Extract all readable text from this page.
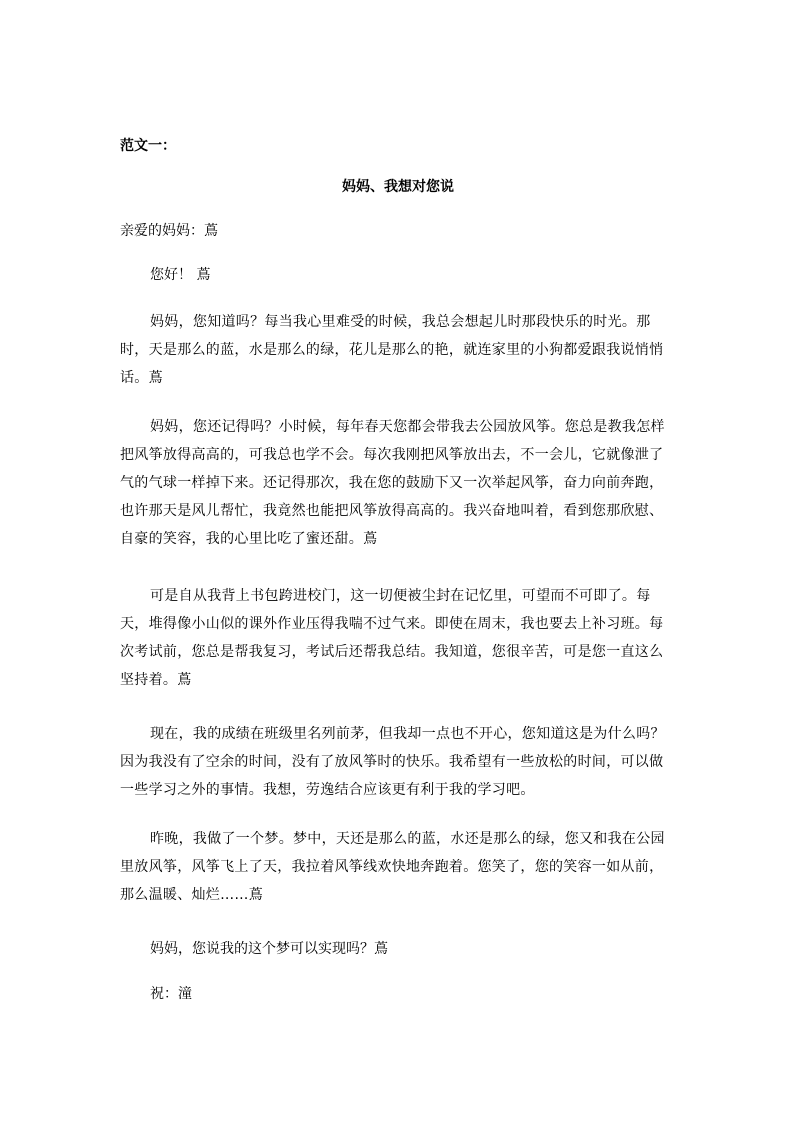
范文一：
妈妈、我想对您说
亲爱的妈妈：蔦
您好！ 蔦
妈妈，您知道吗？每当我心里难受的时候，我总会想起儿时那段快乐的时光。那时，天是那么的蓝，水是那么的绿，花儿是那么的艳，就连家里的小狗都爱跟我说悄悄话。蔦
妈妈，您还记得吗？小时候，每年春天您都会带我去公园放风筝。您总是教我怎样把风筝放得高高的，可我总也学不会。每次我刚把风筝放出去，不一会儿，它就像泄了气的气球一样掉下来。还记得那次，我在您的鼓励下又一次举起风筝，奋力向前奔跑，也许那天是风儿帮忙，我竟然也能把风筝放得高高的。我兴奋地叫着，看到您那欣慰、自豪的笑容，我的心里比吃了蜜还甜。蔦
可是自从我背上书包跨进校门，这一切便被尘封在记忆里，可望而不可即了。每天，堆得像小山似的课外作业压得我喘不过气来。即使在周末，我也要去上补习班。每次考试前，您总是帮我复习，考试后还帮我总结。我知道，您很辛苦，可是您一直这么坚持着。蔦
现在，我的成绩在班级里名列前茅，但我却一点也不开心，您知道这是为什么吗？因为我没有了空余的时间，没有了放风筝时的快乐。我希望有一些放松的时间，可以做一些学习之外的事情。我想，劳逸结合应该更有利于我的学习吧。
昨晚，我做了一个梦。梦中，天还是那么的蓝，水还是那么的绿，您又和我在公园里放风筝，风筝飞上了天，我拉着风筝线欢快地奔跑着。您笑了，您的笑容一如从前，那么温暖、灿烂……蔦
妈妈，您说我的这个梦可以实现吗？蔦
祝：潼
